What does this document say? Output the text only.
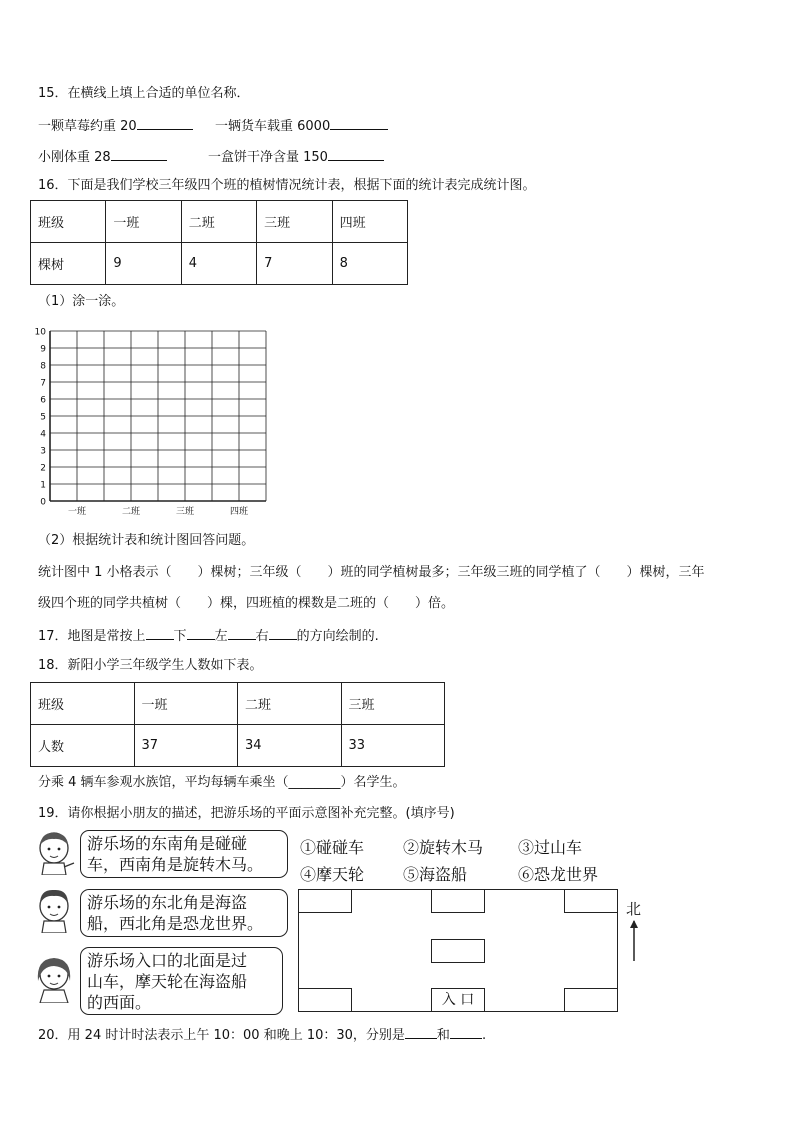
15．在横线上填上合适的单位名称．
一颗草莓约重 20	一辆货车载重 6000
小刚体重 28	一盒饼干净含量 150
16．下面是我们学校三年级四个班的植树情况统计表，根据下面的统计表完成统计图。
班级	一班	二班	三班	四班
棵树	9	4	7	8
（1）涂一涂。
0
1
2
3
4
5
6
7
8
9
10
一班	二班	三班	四班
（2）根据统计表和统计图回答问题。
统计图中 1 小格表示（　　）棵树；三年级（　　）班的同学植树最多；三年级三班的同学植了（　　）棵树，三年
级四个班的同学共植树（　　）棵，四班植的棵数是二班的（　　）倍。
17．地图是常按上 下 左 右 的方向绘制的.
18．新阳小学三年级学生人数如下表。
班级	一班	二班	三班
人数	37	34	33
分乘 4 辆车参观水族馆，平均每辆车乘坐（________）名学生。
19．请你根据小朋友的描述，把游乐场的平面示意图补充完整。(填序号)
游乐场的东南角是碰碰
车，西南角是旋转木马。
游乐场的东北角是海盗
船，西北角是恐龙世界。
游乐场入口的北面是过
山车，摩天轮在海盗船
的西面。
①碰碰车 ②旋转木马 ③过山车
④摩天轮 ⑤海盗船	⑥恐龙世界
入 口
北
20．用 24 时计时法表示上午 10：00 和晚上 10：30，分别是 和 .
